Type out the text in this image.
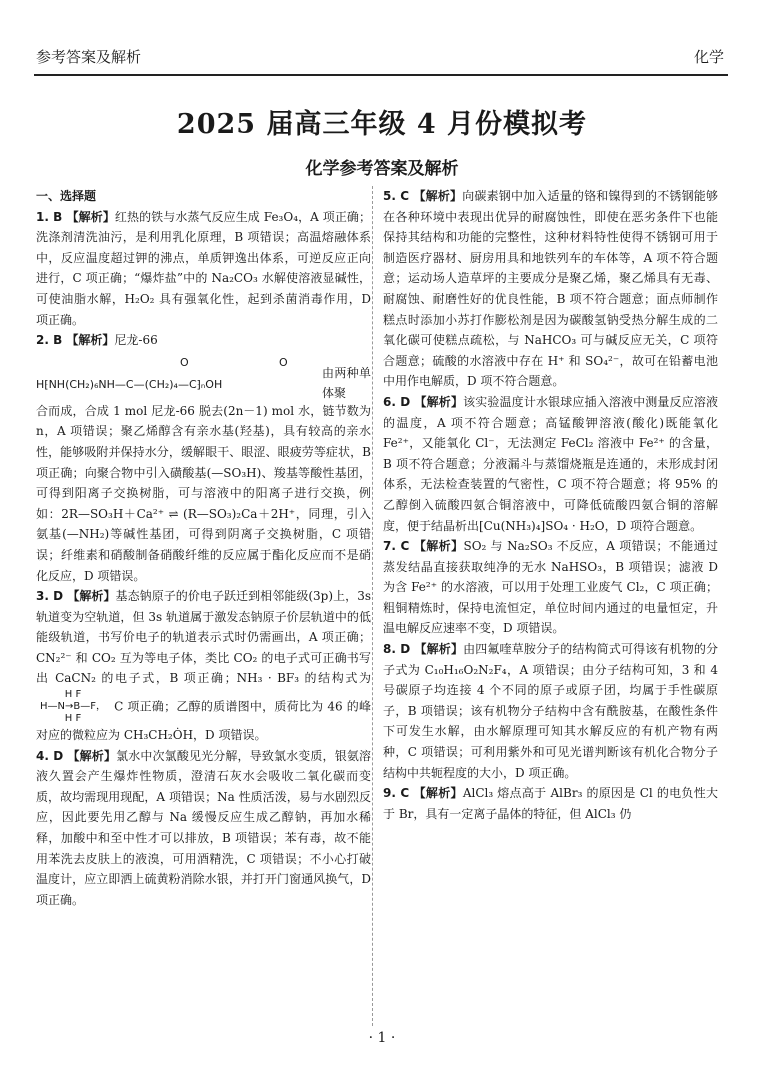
参考答案及解析	化学
2025 届高三年级 4 月份模拟考
化学参考答案及解析
一、选择题

1. B 【解析】红热的铁与水蒸气反应生成 Fe₃O₄，A 项正确；洗涤剂清洗油污，是利用乳化原理，B 项错误；高温熔融体系中，反应温度超过钾的沸点，单质钾逸出体系，可逆反应正向进行，C 项正确；“爆炸盐”中的 Na₂CO₃ 水解使溶液显碱性，可使油脂水解，H₂O₂ 具有强氧化性，起到杀菌消毒作用，D 项正确。

2. B 【解析】尼龙-66
O	O
H⁅NH(CH₂)₆NH—C—(CH₂)₄—C⁆ₙOH
由两种单体聚
合而成，合成 1 mol 尼龙-66 脱去(2n－1) mol 水，链节数为 n，A 项错误；聚乙烯醇含有亲水基(羟基)，具有较高的亲水性，能够吸附并保持水分，缓解眼干、眼涩、眼疲劳等症状，B 项正确；向聚合物中引入磺酸基(—SO₃H)、羧基等酸性基团，可得到阳离子交换树脂，可与溶液中的阳离子进行交换，例如：2R—SO₃H＋Ca²⁺ ⇌ (R—SO₃)₂Ca＋2H⁺，同理，引入氨基(—NH₂)等碱性基团，可得到阴离子交换树脂，C 项错误；纤维素和硝酸制备硝酸纤维的反应属于酯化反应而不是硝化反应，D 项错误。
3. D 【解析】基态钠原子的价电子跃迁到相邻能级(3p)上，3s 轨道变为空轨道，但 3s 轨道属于激发态钠原子价层轨道中的低能级轨道，书写价电子的轨道表示式时仍需画出，A 项正确；CN₂²⁻ 和 CO₂ 互为等电子体，类比 CO₂ 的电子式可正确书写出 CaCN₂ 的电子式，B 项正确；NH₃ · BF₃ 的结构式为 H F
H—N→B—F，
H F C 项正确；乙醇的质谱图中，质荷比为 46 的峰对应的微粒应为 CH₃CH₂ȮH，D 项错误。

4. D 【解析】氯水中次氯酸见光分解，导致氯水变质，银氨溶液久置会产生爆炸性物质，澄清石灰水会吸收二氧化碳而变质，故均需现用现配，A 项错误；Na 性质活泼，易与水剧烈反应，因此要先用乙醇与 Na 缓慢反应生成乙醇钠，再加水稀释，加酸中和至中性才可以排放，B 项错误；苯有毒，故不能用苯洗去皮肤上的液溴，可用酒精洗，C 项错误；不小心打破温度计，应立即洒上硫黄粉消除水银，并打开门窗通风换气，D 项正确。

5. C 【解析】向碳素钢中加入适量的铬和镍得到的不锈钢能够在各种环境中表现出优异的耐腐蚀性，即使在恶劣条件下也能保持其结构和功能的完整性，这种材料特性使得不锈钢可用于制造医疗器材、厨房用具和地铁列车的车体等，A 项不符合题意；运动场人造草坪的主要成分是聚乙烯，聚乙烯具有无毒、耐腐蚀、耐磨性好的优良性能，B 项不符合题意；面点师制作糕点时添加小苏打作膨松剂是因为碳酸氢钠受热分解生成的二氧化碳可使糕点疏松，与 NaHCO₃ 可与碱反应无关，C 项符合题意；硫酸的水溶液中存在 H⁺ 和 SO₄²⁻，故可在铅蓄电池中用作电解质，D 项不符合题意。

6. D 【解析】该实验温度计水银球应插入溶液中测量反应溶液的温度，A 项不符合题意；高锰酸钾溶液(酸化)既能氧化 Fe²⁺，又能氧化 Cl⁻，无法测定 FeCl₂ 溶液中 Fe²⁺ 的含量，B 项不符合题意；分液漏斗与蒸馏烧瓶是连通的，未形成封闭体系，无法检查装置的气密性，C 项不符合题意；将 95% 的乙醇倒入硫酸四氨合铜溶液中，可降低硫酸四氨合铜的溶解度，便于结晶析出[Cu(NH₃)₄]SO₄ · H₂O，D 项符合题意。

7. C 【解析】SO₂ 与 Na₂SO₃ 不反应，A 项错误；不能通过蒸发结晶直接获取纯净的无水 NaHSO₃，B 项错误；滤液 D 为含 Fe²⁺ 的水溶液，可以用于处理工业废气 Cl₂，C 项正确；粗铜精炼时，保持电流恒定，单位时间内通过的电量恒定，升温电解反应速率不变，D 项错误。

8. D 【解析】由四氟喹草胺分子的结构简式可得该有机物的分子式为 C₁₀H₁₆O₂N₂F₄，A 项错误；由分子结构可知，3 和 4 号碳原子均连接 4 个不同的原子或原子团，均属于手性碳原子，B 项错误；该有机物分子结构中含有酰胺基，在酸性条件下可发生水解，由水解原理可知其水解反应的有机产物有两种，C 项错误；可利用紫外和可见光谱判断该有机化合物分子结构中共轭程度的大小，D 项正确。

9. C 【解析】AlCl₃ 熔点高于 AlBr₃ 的原因是 Cl 的电负性大于 Br，具有一定离子晶体的特征，但 AlCl₃ 仍

· 1 ·
